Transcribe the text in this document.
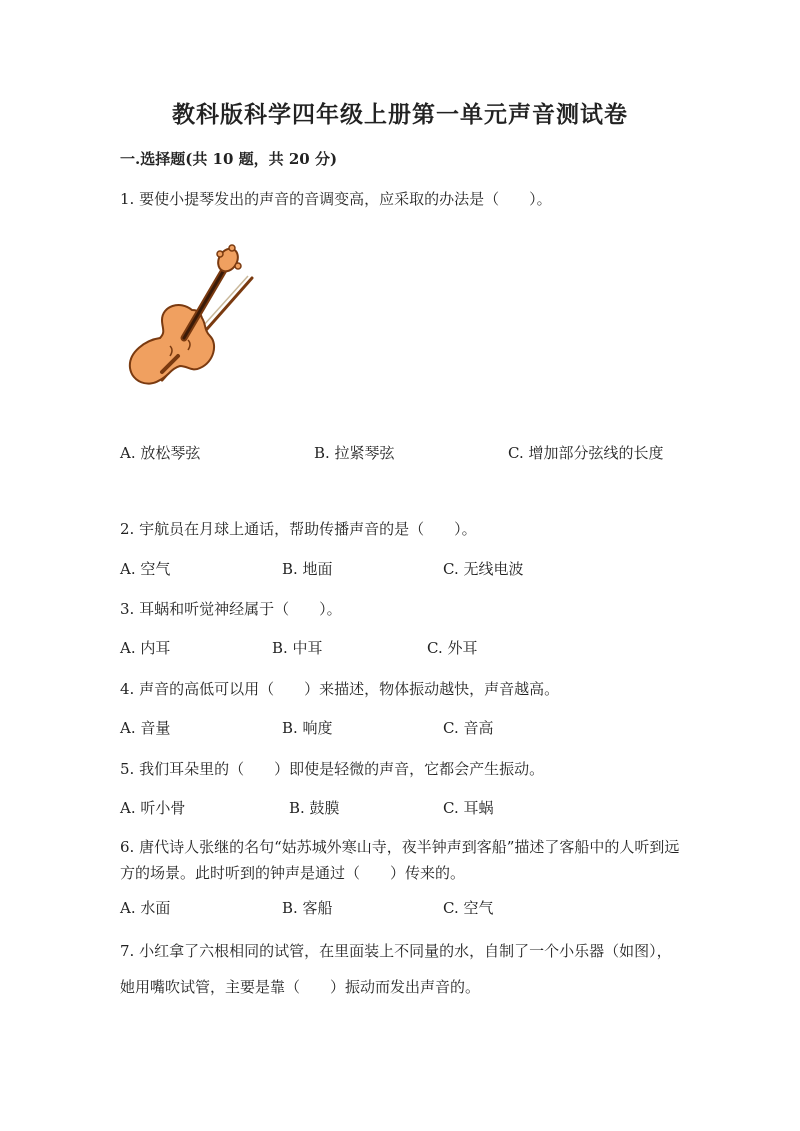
教科版科学四年级上册第一单元声音测试卷

一.选择题(共 10 题，共 20 分)

1. 要使小提琴发出的声音的音调变高，应采取的办法是（　　）。

A. 放松琴弦	B. 拉紧琴弦	C. 增加部分弦线的长度

2. 宇航员在月球上通话，帮助传播声音的是（　　）。

A. 空气	B. 地面	C. 无线电波

3. 耳蜗和听觉神经属于（　　）。

A. 内耳	B. 中耳	C. 外耳

4. 声音的高低可以用（　　）来描述，物体振动越快，声音越高。

A. 音量	B. 响度	C. 音高

5. 我们耳朵里的（　　）即使是轻微的声音，它都会产生振动。

A. 听小骨	B. 鼓膜	C. 耳蜗

6. 唐代诗人张继的名句“姑苏城外寒山寺，夜半钟声到客船”描述了客船中的人听到远方的场景。此时听到的钟声是通过（　　）传来的。

A. 水面	B. 客船	C. 空气

7. 小红拿了六根相同的试管，在里面装上不同量的水，自制了一个小乐器（如图），她用嘴吹试管，主要是靠（　　）振动而发出声音的。
